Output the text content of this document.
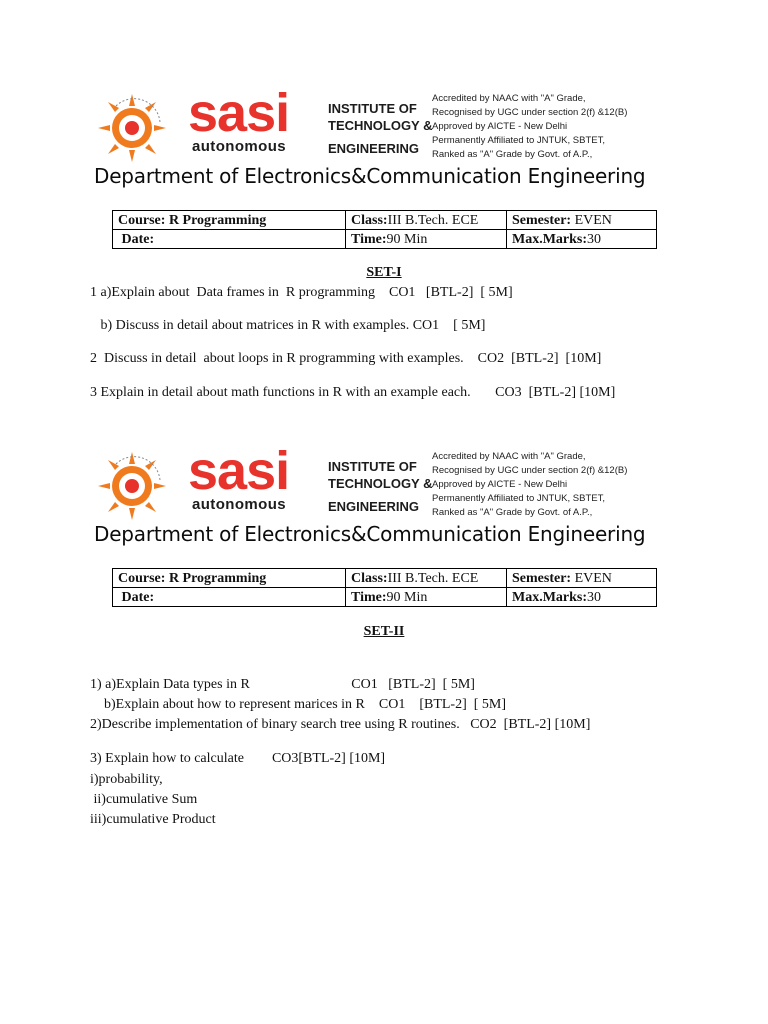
sasi	INSTITUTE OF
TECHNOLOGY &
autonomous	ENGINEERING
Accredited by NAAC with "A" Grade,
Recognised by UGC under section 2(f) &12(B)
Approved by AICTE - New Delhi
Permanently Affiliated to JNTUK, SBTET,
Ranked as "A" Grade by Govt. of A.P.,
Department of Electronics&Communication Engineering
Course: R Programming	Class:III B.Tech. ECE	Semester: EVEN
Date:	Time:90 Min	Max.Marks:30
SET-I
1 a)Explain about  Data frames in  R programming    CO1   [BTL-2]  [ 5M]
b) Discuss in detail about matrices in R with examples. CO1    [ 5M]
2  Discuss in detail  about loops in R programming with examples.    CO2  [BTL-2]  [10M]
3 Explain in detail about math functions in R with an example each.       CO3  [BTL-2] [10M]
sasi	INSTITUTE OF
TECHNOLOGY &
autonomous	ENGINEERING
Accredited by NAAC with "A" Grade,
Recognised by UGC under section 2(f) &12(B)
Approved by AICTE - New Delhi
Permanently Affiliated to JNTUK, SBTET,
Ranked as "A" Grade by Govt. of A.P.,
Department of Electronics&Communication Engineering
Course: R Programming	Class:III B.Tech. ECE	Semester: EVEN
Date:	Time:90 Min	Max.Marks:30
SET-II
1) a)Explain Data types in R                             CO1   [BTL-2]  [ 5M]
b)Explain about how to represent marices in R    CO1    [BTL-2]  [ 5M]
2)Describe implementation of binary search tree using R routines.   CO2  [BTL-2] [10M]
3) Explain how to calculate        CO3[BTL-2] [10M]
i)probability,
ii)cumulative Sum
iii)cumulative Product
